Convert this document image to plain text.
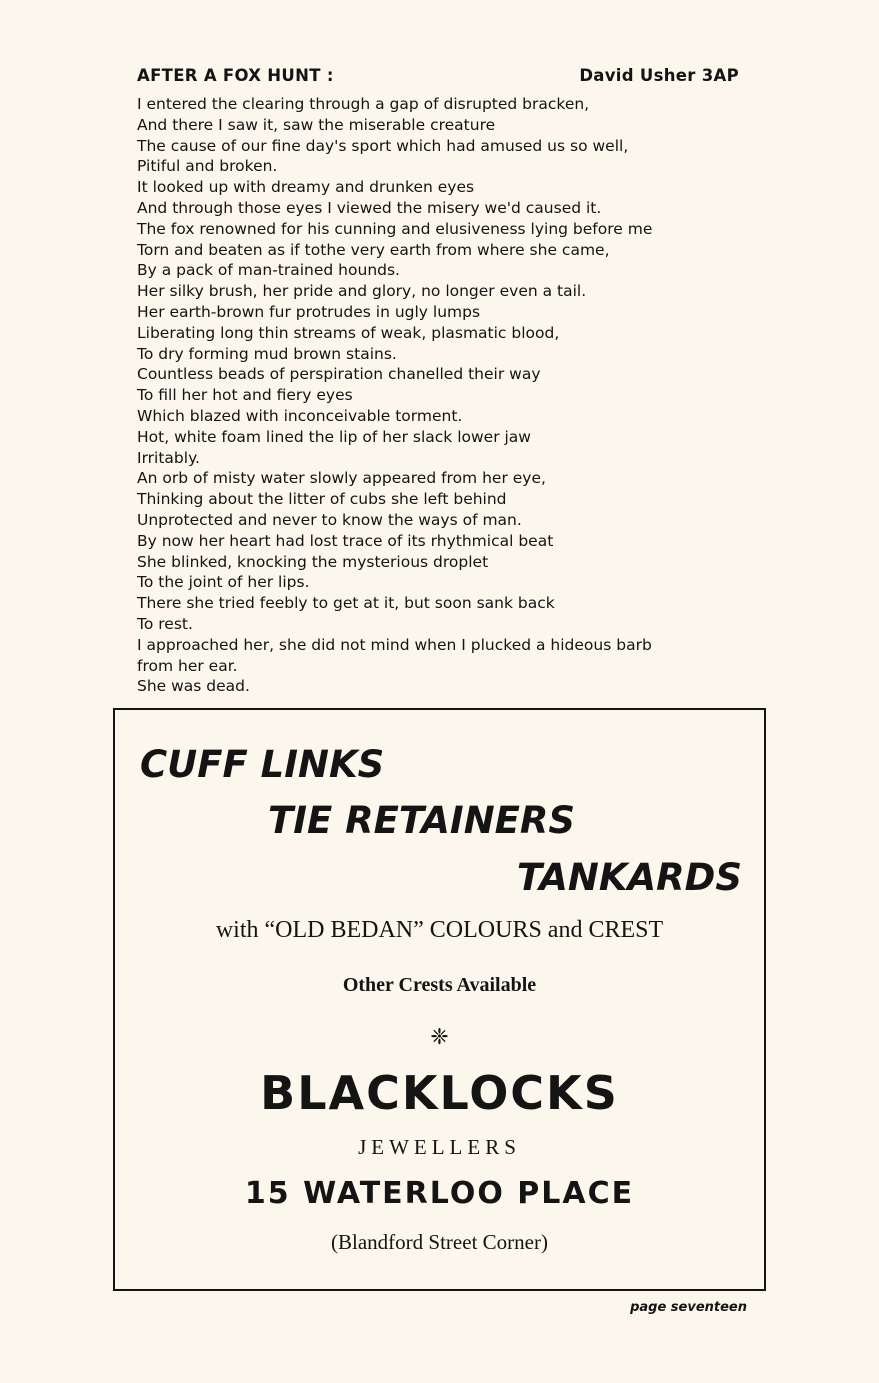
AFTER A FOX HUNT :	David Usher 3AP
I entered the clearing through a gap of disrupted bracken,
And there I saw it, saw the miserable creature
The cause of our fine day's sport which had amused us so well,
Pitiful and broken.
It looked up with dreamy and drunken eyes
And through those eyes I viewed the misery we'd caused it.
The fox renowned for his cunning and elusiveness lying before me
Torn and beaten as if tothe very earth from where she came,
By a pack of man-trained hounds.
Her silky brush, her pride and glory, no longer even a tail.
Her earth-brown fur protrudes in ugly lumps
Liberating long thin streams of weak, plasmatic blood,
To dry forming mud brown stains.
Countless beads of perspiration chanelled their way
To fill her hot and fiery eyes
Which blazed with inconceivable torment.
Hot, white foam lined the lip of her slack lower jaw
Irritably.
An orb of misty water slowly appeared from her eye,
Thinking about the litter of cubs she left behind
Unprotected and never to know the ways of man.
By now her heart had lost trace of its rhythmical beat
She blinked, knocking the mysterious droplet
To the joint of her lips.
There she tried feebly to get at it, but soon sank back
To rest.
I approached her, she did not mind when I plucked a hideous barb
from her ear.
She was dead.
CUFF LINKS
TIE RETAINERS
TANKARDS
with “OLD BEDAN” COLOURS and CREST
Other Crests Available
❈
BLACKLOCKS
JEWELLERS
15 WATERLOO PLACE
(Blandford Street Corner)
page seventeen
